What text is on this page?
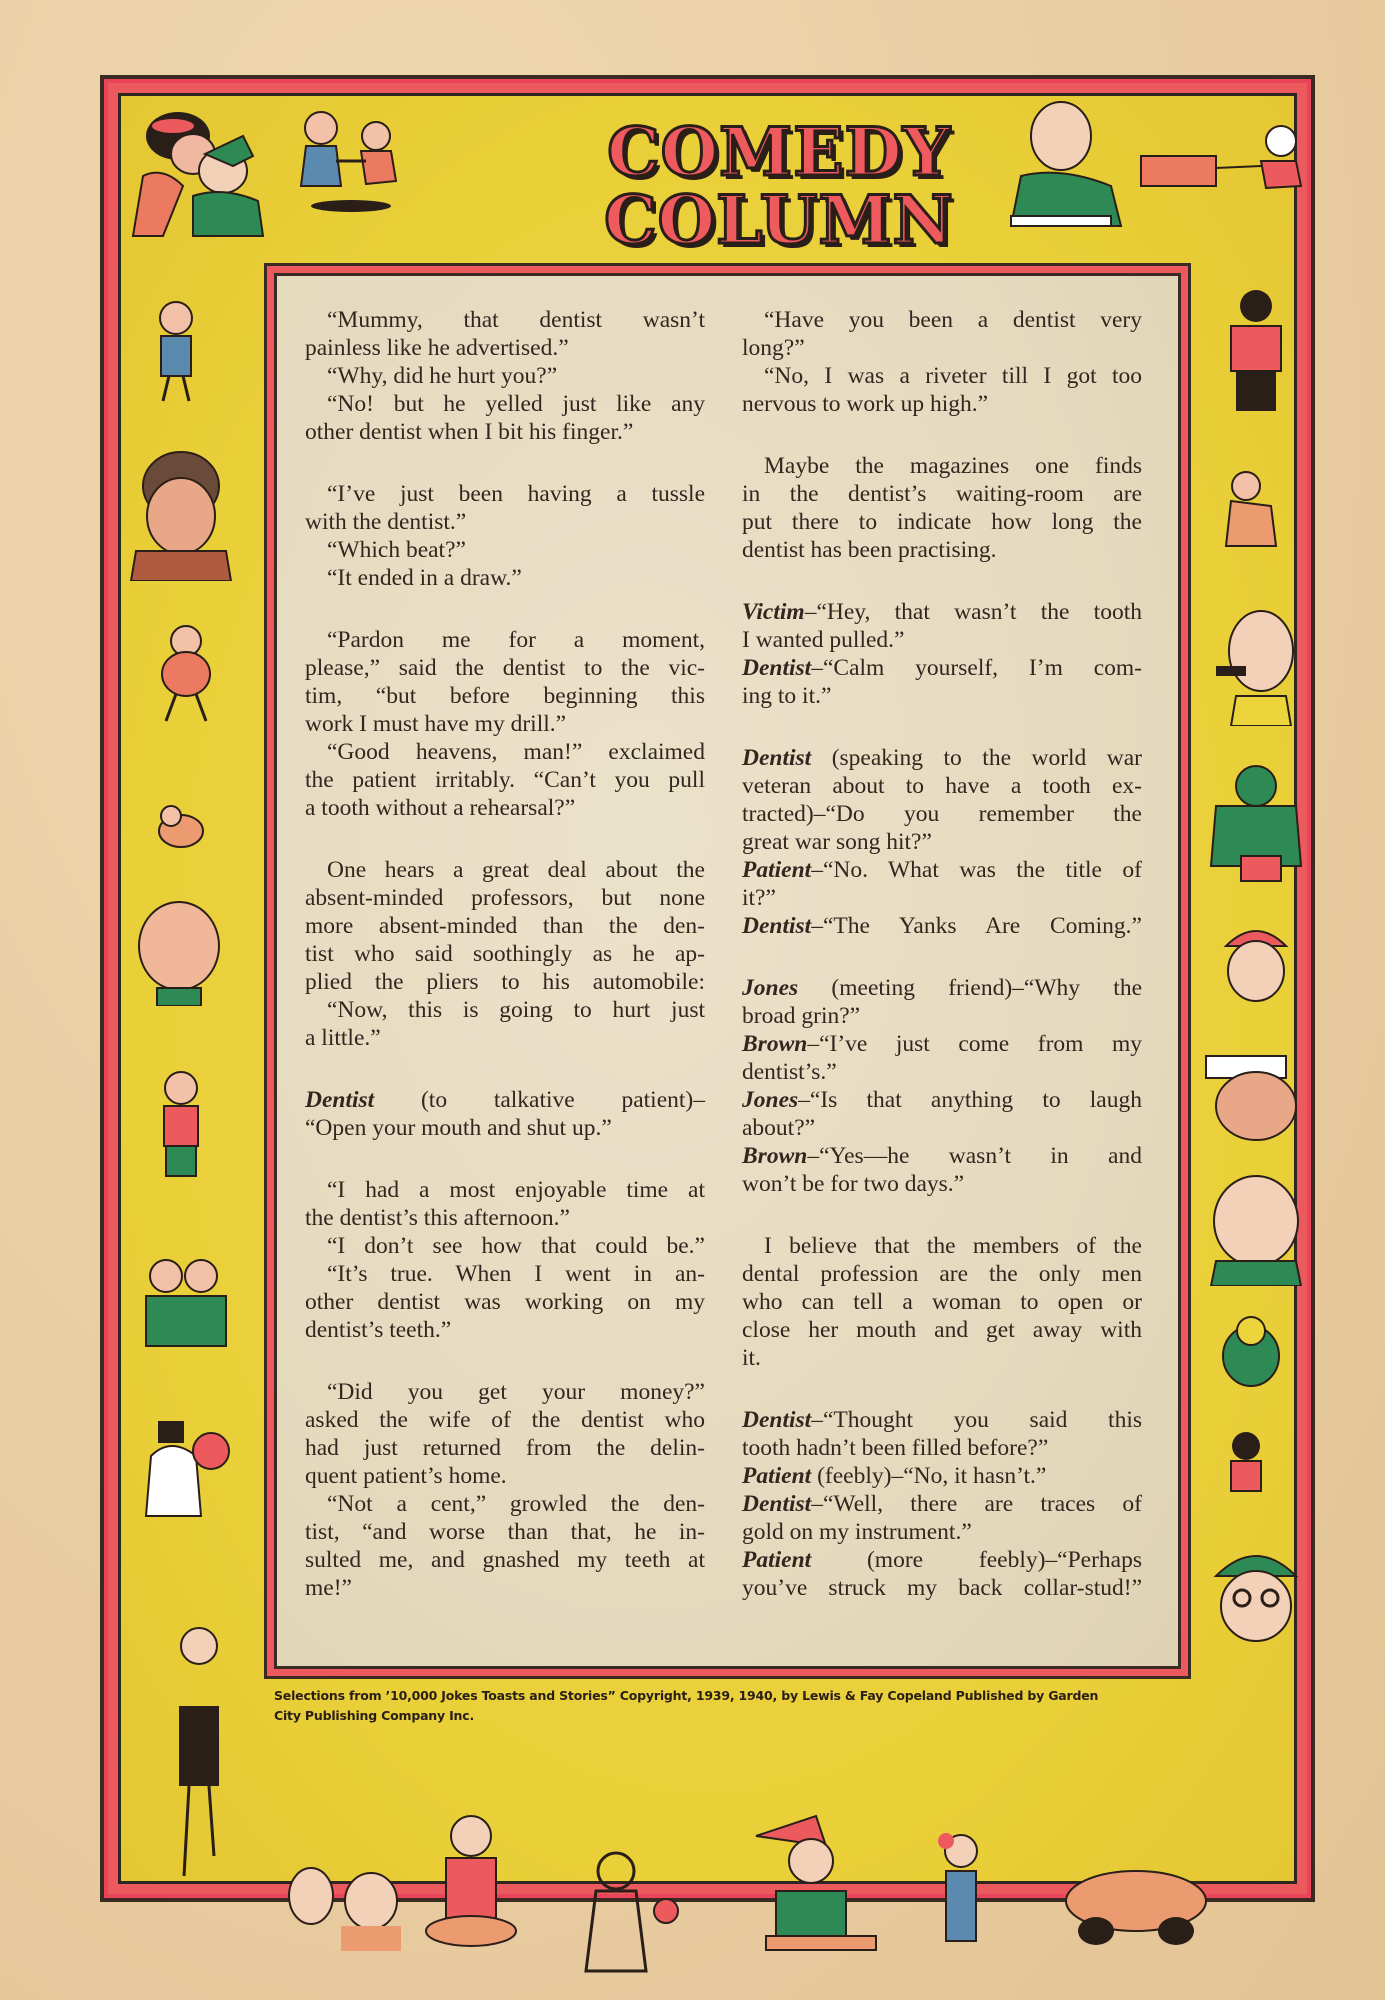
COMEDY
COLUMN
“Mummy, that dentist wasn’t
painless like he advertised.”
“Why, did he hurt you?”
“No! but he yelled just like any
other dentist when I bit his finger.”
“I’ve just been having a tussle
with the dentist.”
“Which beat?”
“It ended in a draw.”
“Pardon me for a moment,
please,” said the dentist to the vic-
tim, “but before beginning this
work I must have my drill.”
“Good heavens, man!” exclaimed
the patient irritably. “Can’t you pull
a tooth without a rehearsal?”
One hears a great deal about the
absent-minded professors, but none
more absent-minded than the den-
tist who said soothingly as he ap-
plied the pliers to his automobile:
“Now, this is going to hurt just
a little.”
Dentist (to talkative patient)–
“Open your mouth and shut up.”
“I had a most enjoyable time at
the dentist’s this afternoon.”
“I don’t see how that could be.”
“It’s true. When I went in an-
other dentist was working on my
dentist’s teeth.”
“Did you get your money?”
asked the wife of the dentist who
had just returned from the delin-
quent patient’s home.
“Not a cent,” growled the den-
tist, “and worse than that, he in-
sulted me, and gnashed my teeth at
me!”
“Have you been a dentist very
long?”
“No, I was a riveter till I got too
nervous to work up high.”
Maybe the magazines one finds
in the dentist’s waiting-room are
put there to indicate how long the
dentist has been practising.
Victim–“Hey, that wasn’t the tooth
I wanted pulled.”
Dentist–“Calm yourself, I’m com-
ing to it.”
Dentist (speaking to the world war
veteran about to have a tooth ex-
tracted)–“Do you remember the
great war song hit?”
Patient–“No. What was the title of
it?”
Dentist–“The Yanks Are Coming.”
Jones (meeting friend)–“Why the
broad grin?”
Brown–“I’ve just come from my
dentist’s.”
Jones–“Is that anything to laugh
about?”
Brown–“Yes—he wasn’t in and
won’t be for two days.”
I believe that the members of the
dental profession are the only men
who can tell a woman to open or
close her mouth and get away with
it.
Dentist–“Thought you said this
tooth hadn’t been filled before?”
Patient (feebly)–“No, it hasn’t.”
Dentist–“Well, there are traces of
gold on my instrument.”
Patient (more feebly)–“Perhaps
you’ve struck my back collar-stud!”
Selections from ’10,000 Jokes Toasts and Stories” Copyright, 1939, 1940, by Lewis & Fay Copeland Published by Garden
City Publishing Company Inc.
